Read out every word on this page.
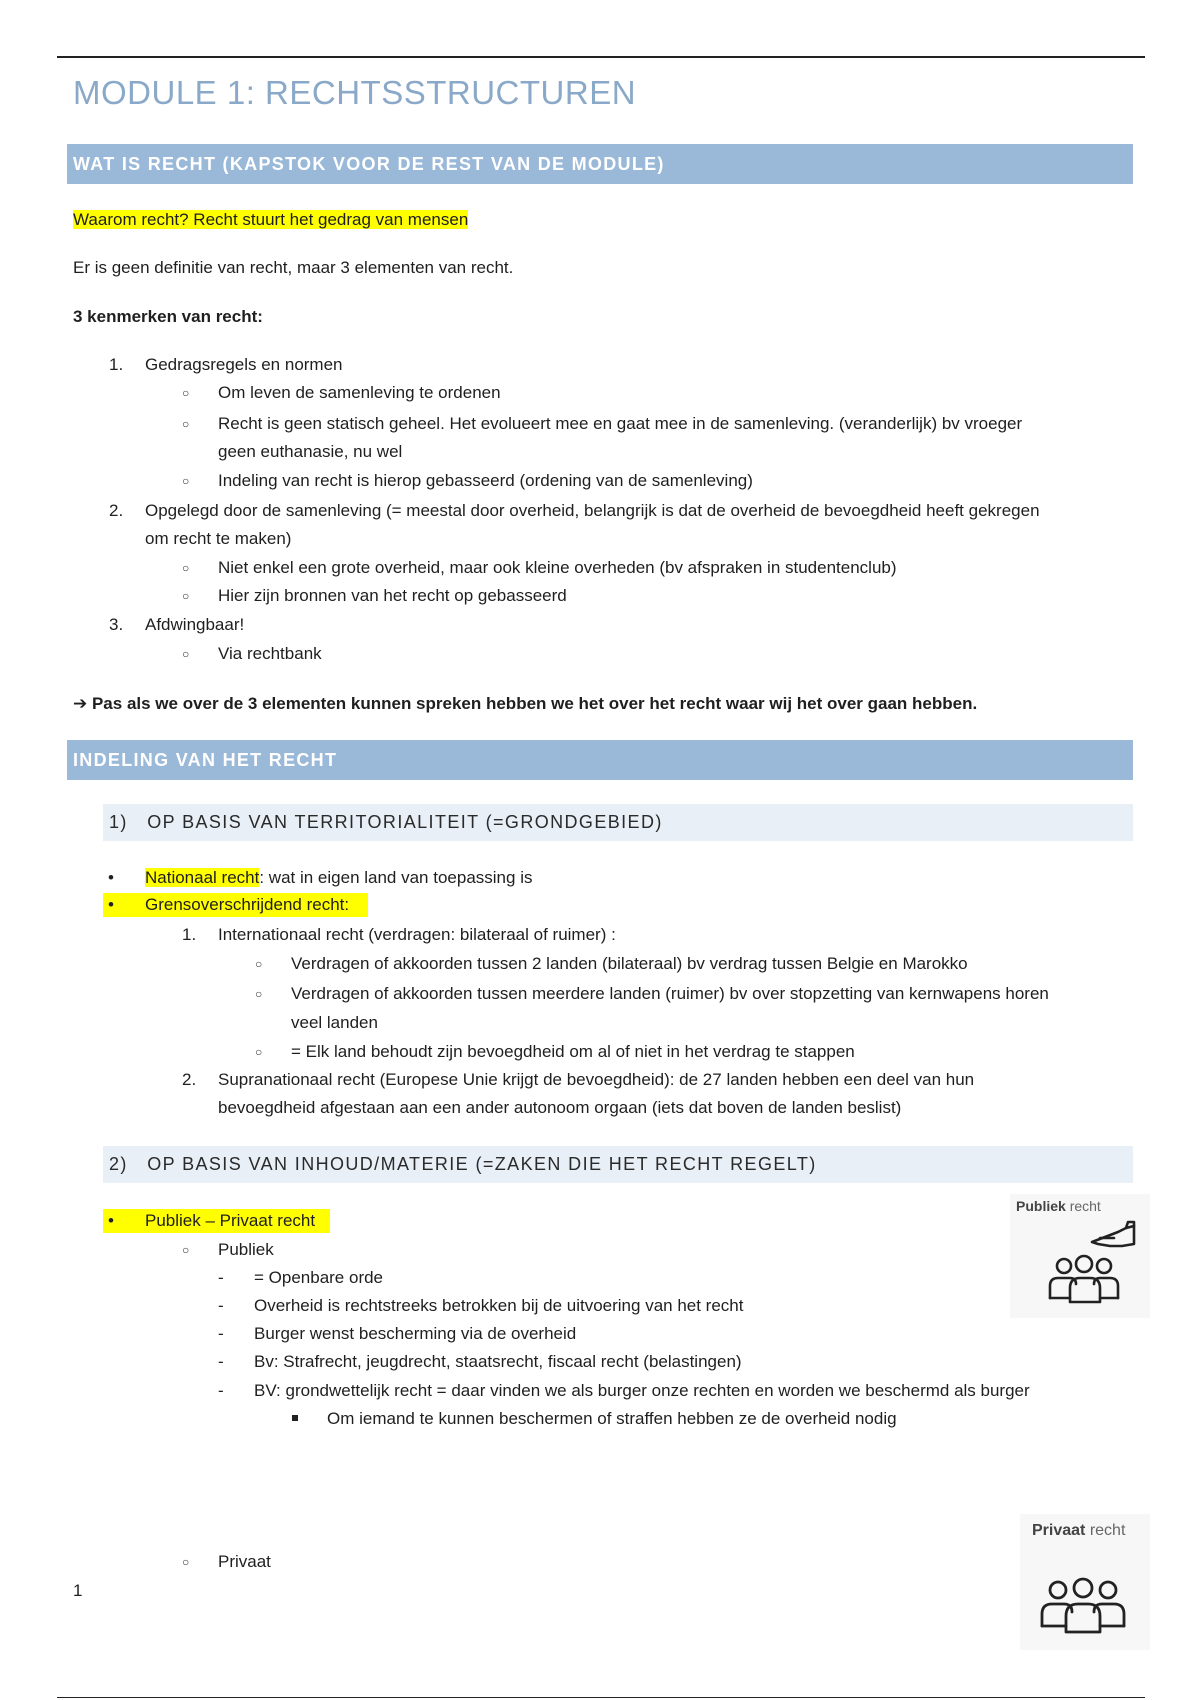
MODULE 1: RECHTSSTRUCTUREN
WAT IS RECHT (KAPSTOK VOOR DE REST VAN DE MODULE)
Waarom recht? Recht stuurt het gedrag van mensen
Er is geen definitie van recht, maar 3 elementen van recht.
3 kenmerken van recht:
1. Gedragsregels en normen
○ Om leven de samenleving te ordenen
○ Recht is geen statisch geheel. Het evolueert mee en gaat mee in de samenleving. (veranderlijk) bv vroeger
geen euthanasie, nu wel
○ Indeling van recht is hierop gebasseerd (ordening van de samenleving)
2. Opgelegd door de samenleving (= meestal door overheid, belangrijk is dat de overheid de bevoegdheid heeft gekregen
om recht te maken)
○ Niet enkel een grote overheid, maar ook kleine overheden (bv afspraken in studentenclub)
○ Hier zijn bronnen van het recht op gebasseerd
3. Afdwingbaar!
○ Via rechtbank
➔ Pas als we over de 3 elementen kunnen spreken hebben we het over het recht waar wij het over gaan hebben.
INDELING VAN HET RECHT
1) OP BASIS VAN TERRITORIALITEIT (=GRONDGEBIED)
• Nationaal recht: wat in eigen land van toepassing is
• Grensoverschrijdend recht:
1. Internationaal recht (verdragen: bilateraal of ruimer) :
○ Verdragen of akkoorden tussen 2 landen (bilateraal) bv verdrag tussen Belgie en Marokko
○ Verdragen of akkoorden tussen meerdere landen (ruimer) bv over stopzetting van kernwapens horen
veel landen
○ = Elk land behoudt zijn bevoegdheid om al of niet in het verdrag te stappen
2. Supranationaal recht (Europese Unie krijgt de bevoegdheid): de 27 landen hebben een deel van hun
bevoegdheid afgestaan aan een ander autonoom orgaan (iets dat boven de landen beslist)
2) OP BASIS VAN INHOUD/MATERIE (=ZAKEN DIE HET RECHT REGELT)
• Publiek – Privaat recht
○ Publiek
- = Openbare orde
- Overheid is rechtstreeks betrokken bij de uitvoering van het recht
- Burger wenst bescherming via de overheid
- Bv: Strafrecht, jeugdrecht, staatsrecht, fiscaal recht (belastingen)
- BV: grondwettelijk recht = daar vinden we als burger onze rechten en worden we beschermd als burger
Om iemand te kunnen beschermen of straffen hebben ze de overheid nodig
○ Privaat
1
Publiek recht
Privaat recht
